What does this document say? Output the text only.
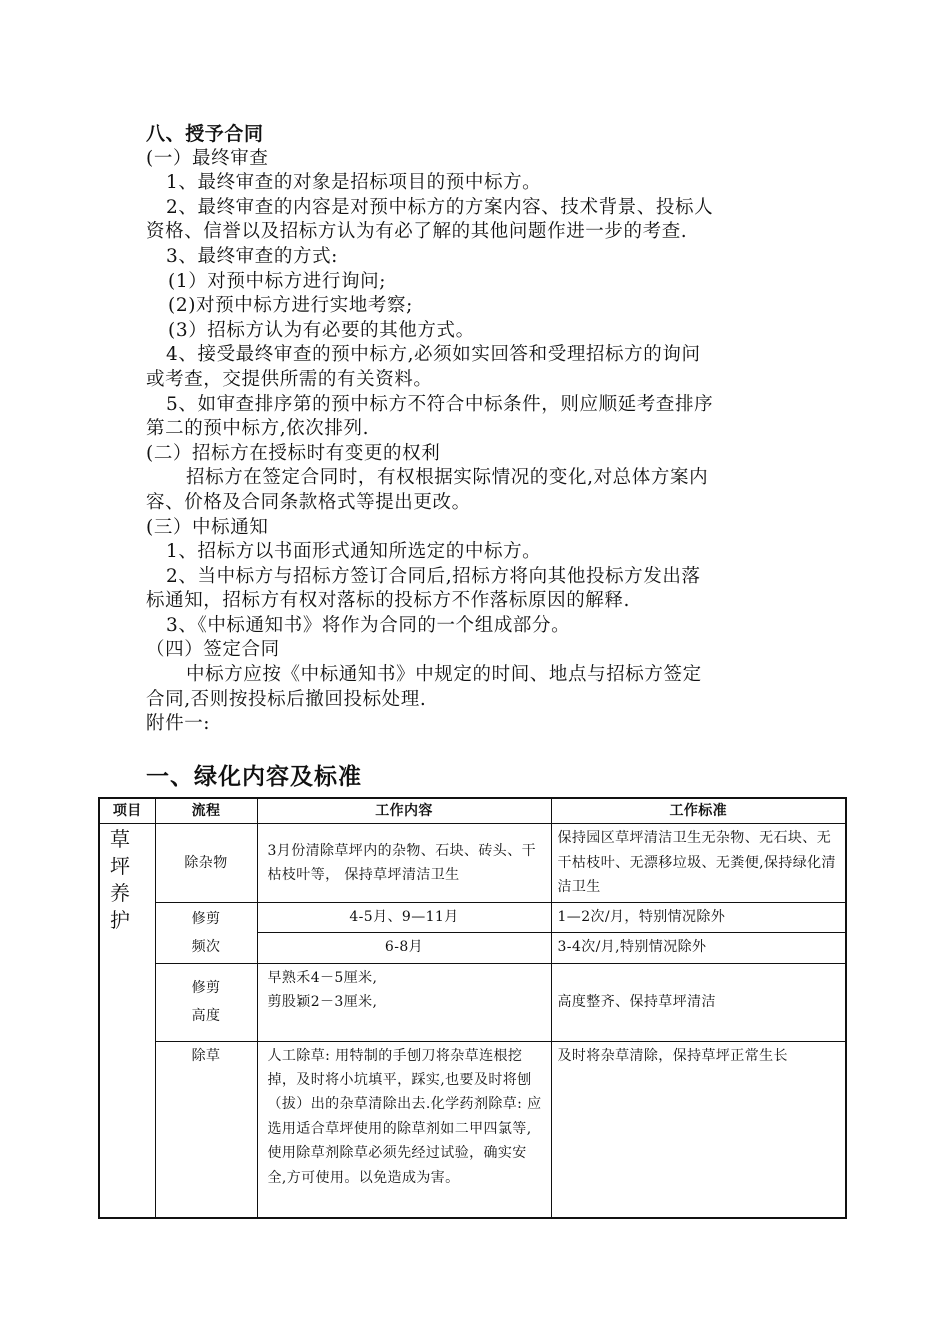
八、授予合同
(一）最终审查
1、最终审查的对象是招标项目的预中标方。
2、最终审查的内容是对预中标方的方案内容、技术背景、投标人
资格、信誉以及招标方认为有必了解的其他问题作进一步的考查.
3、最终审查的方式:
(1）对预中标方进行询问;
(2)对预中标方进行实地考察;
(3）招标方认为有必要的其他方式。
4、接受最终审查的预中标方,必须如实回答和受理招标方的询问
或考查，交提供所需的有关资料。
5、如审查排序第的预中标方不符合中标条件，则应顺延考查排序
第二的预中标方,依次排列.
(二）招标方在授标时有变更的权利
招标方在签定合同时，有权根据实际情况的变化,对总体方案内
容、价格及合同条款格式等提出更改。
(三）中标通知
1、招标方以书面形式通知所选定的中标方。
2、当中标方与招标方签订合同后,招标方将向其他投标方发出落
标通知，招标方有权对落标的投标方不作落标原因的解释.
3、《中标通知书》将作为合同的一个组成部分。
（四）签定合同
中标方应按《中标通知书》中规定的时间、地点与招标方签定
合同,否则按投标后撤回投标处理.
附件一:
一、绿化内容及标准
项目	流程	工作内容	工作标准

草坪养护	除杂物	3月份清除草坪内的杂物、石块、砖头、干枯枝叶等， 保持草坪清洁卫生	保持园区草坪清洁卫生无杂物、无石块、无干枯枝叶、无漂移垃圾、无粪便,保持绿化清洁卫生

	修剪频次	4-5月、9—11月	1—2次/月，特别情况除外
		6-8月	3-4次/月,特别情况除外

	修剪高度	早熟禾4－5厘米,
剪股颖2－3厘米,	高度整齐、保持草坪清洁
	除草	人工除草: 用特制的手刨刀将杂草连根挖掉，及时将小坑填平，踩实,也要及时将刨（拔）出的杂草清除出去.化学药剂除草: 应选用适合草坪使用的除草剂如二甲四氯等,使用除草剂除草必须先经过试验，确实安全,方可使用。以免造成为害。	及时将杂草清除，保持草坪正常生长
